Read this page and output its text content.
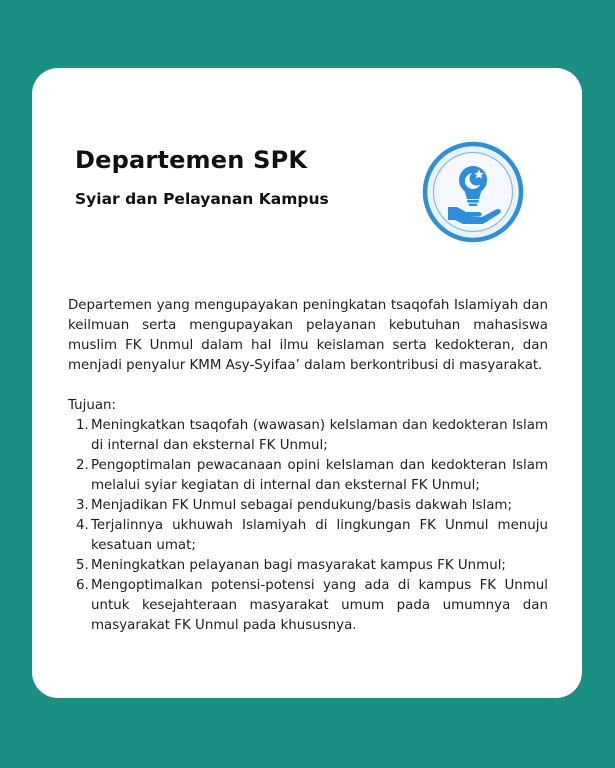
Departemen SPK
Syiar dan Pelayanan Kampus

Departemen yang mengupayakan peningkatan tsaqofah Islamiyah dan keilmuan serta mengupayakan pelayanan kebutuhan mahasiswa muslim FK Unmul dalam hal ilmu keislaman serta kedokteran, dan menjadi penyalur KMM Asy-Syifaa’ dalam berkontribusi di masyarakat.

Tujuan:

1. Meningkatkan tsaqofah (wawasan) keIslaman dan kedokteran Islam di internal dan eksternal FK Unmul;
2. Pengoptimalan pewacanaan opini keIslaman dan kedokteran Islam melalui syiar kegiatan di internal dan eksternal FK Unmul;
3. Menjadikan FK Unmul sebagai pendukung/basis dakwah Islam;
4. Terjalinnya ukhuwah Islamiyah di lingkungan FK Unmul menuju kesatuan umat;
5. Meningkatkan pelayanan bagi masyarakat kampus FK Unmul;
6. Mengoptimalkan potensi-potensi yang ada di kampus FK Unmul untuk kesejahteraan masyarakat umum pada umumnya dan masyarakat FK Unmul pada khususnya.
